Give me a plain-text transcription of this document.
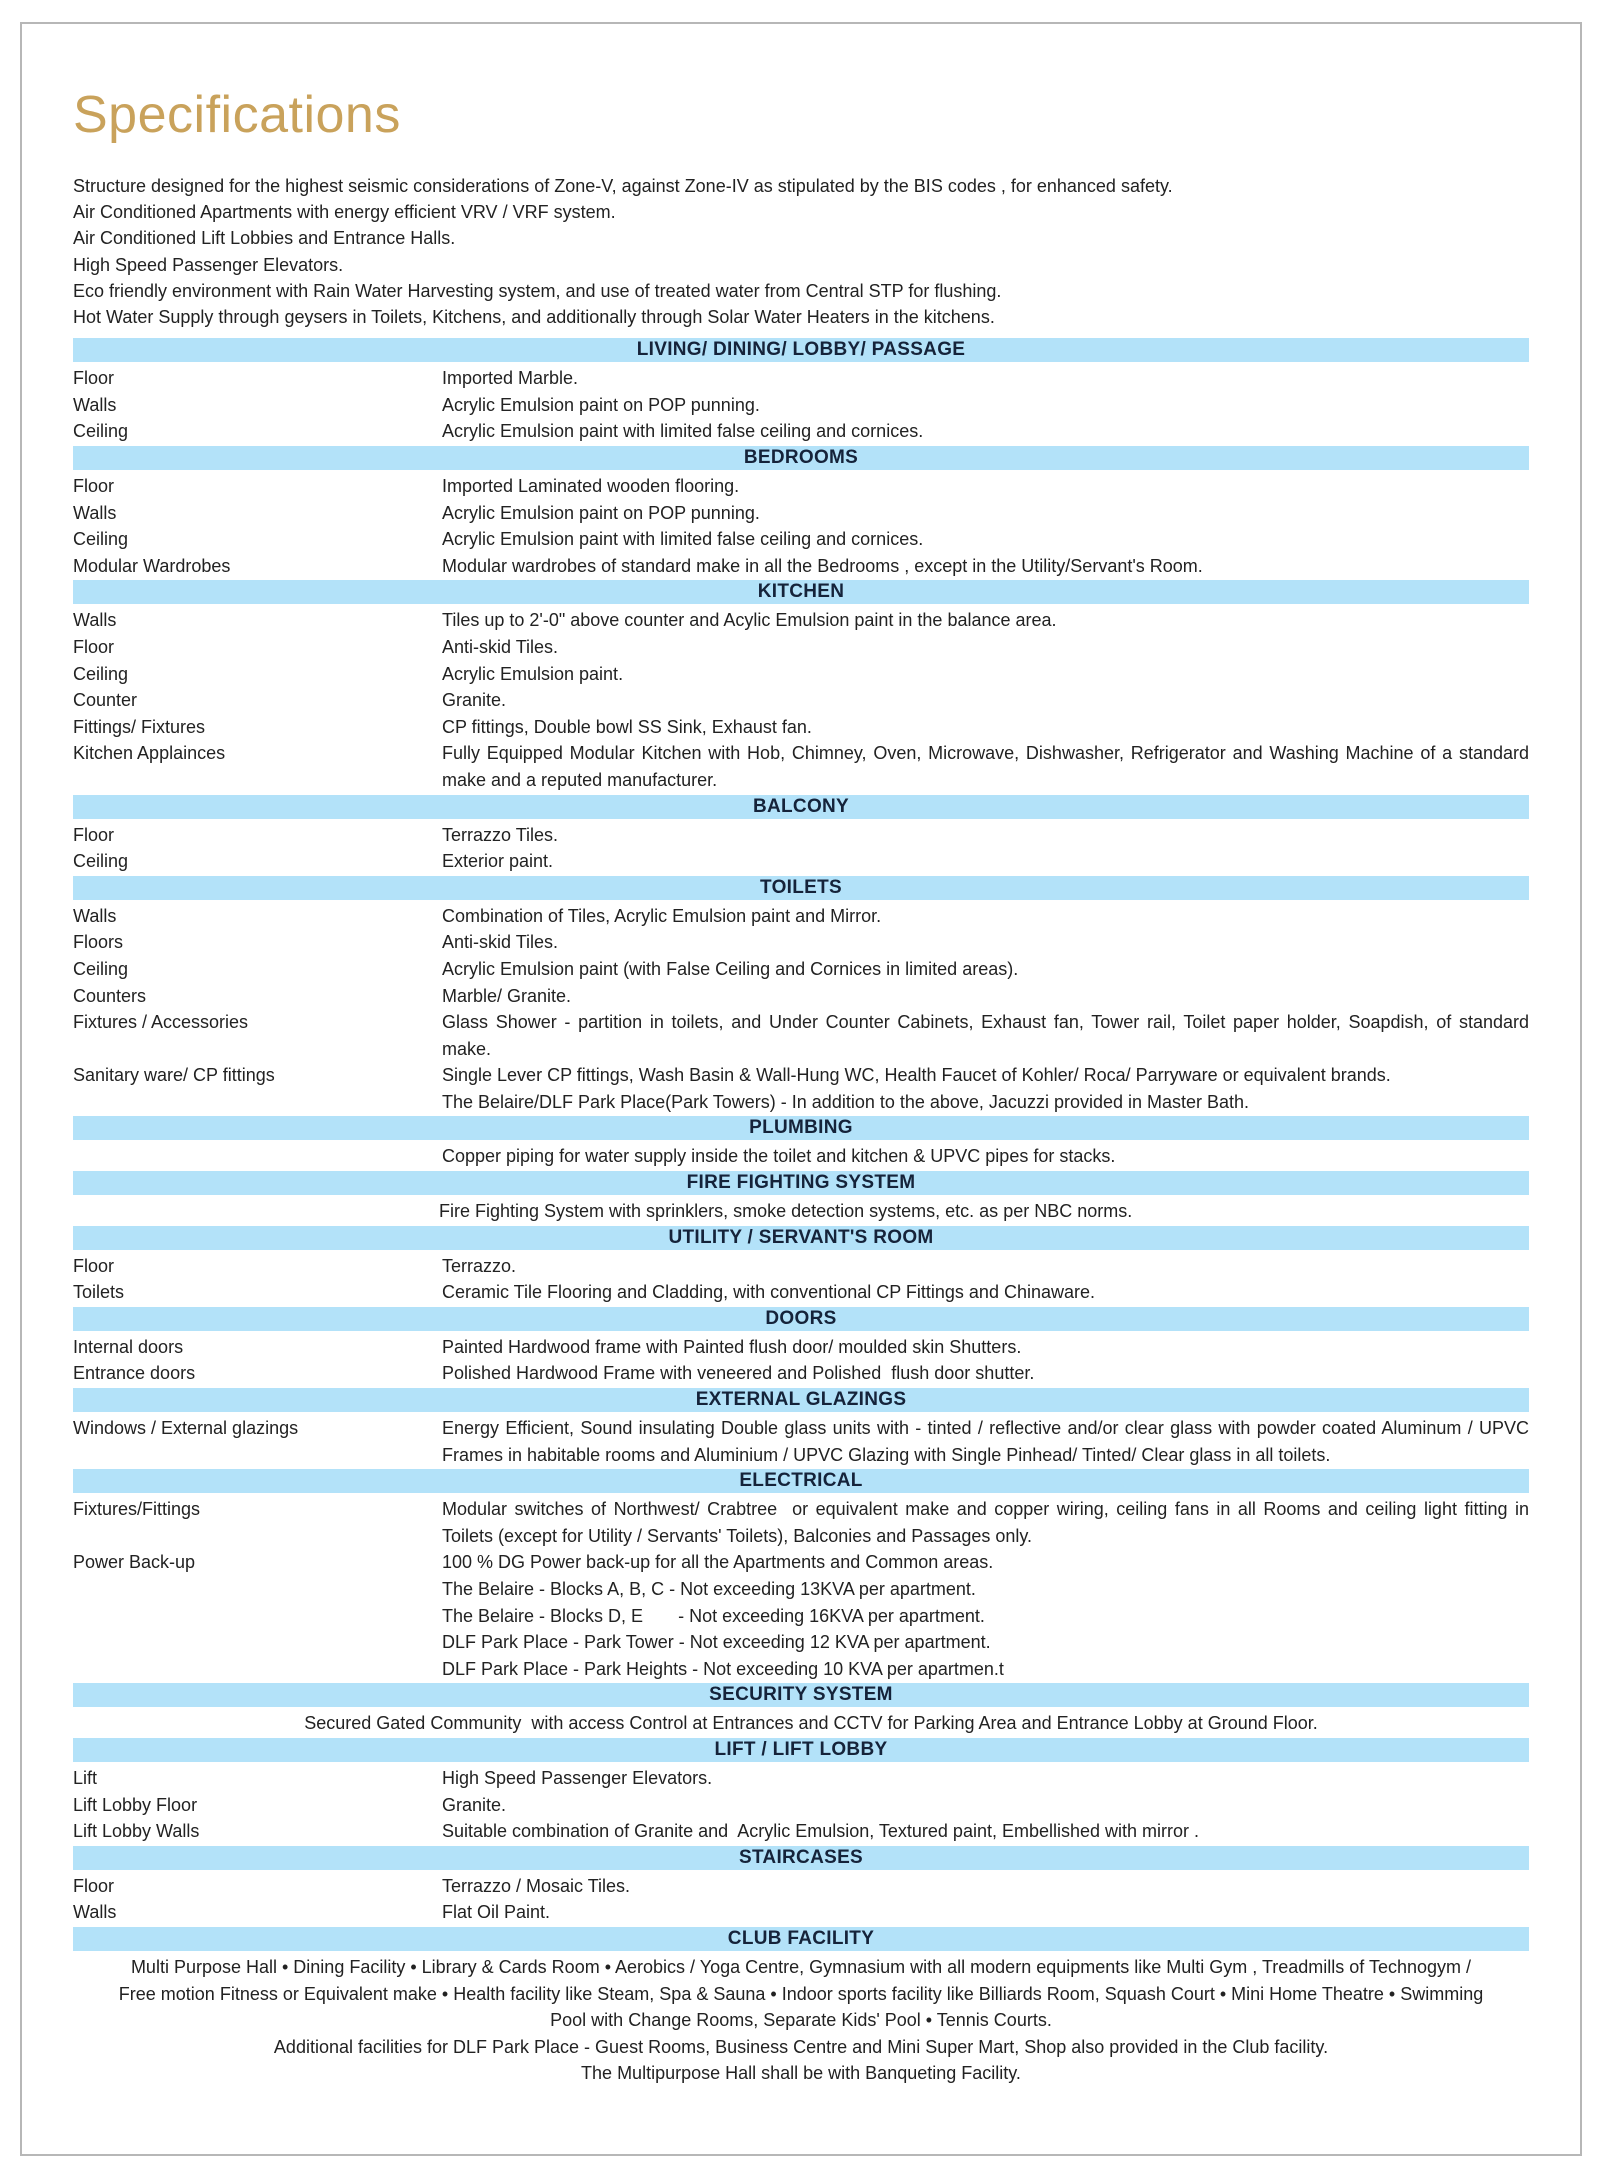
Specifications
Structure designed for the highest seismic considerations of Zone-V, against Zone-IV as stipulated by the BIS codes , for enhanced safety.
Air Conditioned Apartments with energy efficient VRV / VRF system.
Air Conditioned Lift Lobbies and Entrance Halls.
High Speed Passenger Elevators.
Eco friendly environment with Rain Water Harvesting system, and use of treated water from Central STP for flushing.
Hot Water Supply through geysers in Toilets, Kitchens, and additionally through Solar Water Heaters in the kitchens.
LIVING/ DINING/ LOBBY/ PASSAGE
Floor	Imported Marble.
Walls	Acrylic Emulsion paint on POP punning.
Ceiling	Acrylic Emulsion paint with limited false ceiling and cornices.
BEDROOMS
Floor	Imported Laminated wooden flooring.
Walls	Acrylic Emulsion paint on POP punning.
Ceiling	Acrylic Emulsion paint with limited false ceiling and cornices.
Modular Wardrobes	Modular wardrobes of standard make in all the Bedrooms , except in the Utility/Servant's Room.
KITCHEN
Walls	Tiles up to 2'-0" above counter and Acylic Emulsion paint in the balance area.
Floor	Anti-skid Tiles.
Ceiling	Acrylic Emulsion paint.
Counter	Granite.
Fittings/ Fixtures	CP fittings, Double bowl SS Sink, Exhaust fan.
Kitchen Applainces	Fully Equipped Modular Kitchen with Hob, Chimney, Oven, Microwave, Dishwasher, Refrigerator and Washing Machine of a standard make and a reputed manufacturer.
BALCONY
Floor	Terrazzo Tiles.
Ceiling	Exterior paint.
TOILETS
Walls	Combination of Tiles, Acrylic Emulsion paint and Mirror.
Floors	Anti-skid Tiles.
Ceiling	Acrylic Emulsion paint (with False Ceiling and Cornices in limited areas).
Counters	Marble/ Granite.
Fixtures / Accessories	Glass Shower - partition in toilets, and Under Counter Cabinets, Exhaust fan, Tower rail, Toilet paper holder, Soapdish, of standard make.
Sanitary ware/ CP fittings	Single Lever CP fittings, Wash Basin & Wall-Hung WC, Health Faucet of Kohler/ Roca/ Parryware or equivalent brands.
The Belaire/DLF Park Place(Park Towers) - In addition to the above, Jacuzzi provided in Master Bath.
PLUMBING
Copper piping for water supply inside the toilet and kitchen & UPVC pipes for stacks.
FIRE FIGHTING SYSTEM
Fire Fighting System with sprinklers, smoke detection systems, etc. as per NBC norms.
UTILITY / SERVANT'S ROOM
Floor	Terrazzo.
Toilets	Ceramic Tile Flooring and Cladding, with conventional CP Fittings and Chinaware.
DOORS
Internal doors	Painted Hardwood frame with Painted flush door/ moulded skin Shutters.
Entrance doors	Polished Hardwood Frame with veneered and Polished  flush door shutter.
EXTERNAL GLAZINGS
Windows / External glazings	Energy Efficient, Sound insulating Double glass units with - tinted / reflective and/or clear glass with powder coated Aluminum / UPVC Frames in habitable rooms and Aluminium / UPVC Glazing with Single Pinhead/ Tinted/ Clear glass in all toilets.
ELECTRICAL
Fixtures/Fittings	Modular switches of Northwest/ Crabtree  or equivalent make and copper wiring, ceiling fans in all Rooms and ceiling light fitting in Toilets (except for Utility / Servants' Toilets), Balconies and Passages only.
Power Back-up	100 % DG Power back-up for all the Apartments and Common areas.
The Belaire - Blocks A, B, C - Not exceeding 13KVA per apartment.
The Belaire - Blocks D, E       - Not exceeding 16KVA per apartment.
DLF Park Place - Park Tower - Not exceeding 12 KVA per apartment.
DLF Park Place - Park Heights - Not exceeding 10 KVA per apartmen.t
SECURITY SYSTEM
Secured Gated Community  with access Control at Entrances and CCTV for Parking Area and Entrance Lobby at Ground Floor.
LIFT / LIFT LOBBY
Lift	High Speed Passenger Elevators.
Lift Lobby Floor	Granite.
Lift Lobby Walls	Suitable combination of Granite and  Acrylic Emulsion, Textured paint, Embellished with mirror .
STAIRCASES
Floor	Terrazzo / Mosaic Tiles.
Walls	Flat Oil Paint.
CLUB FACILITY
Multi Purpose Hall • Dining Facility • Library & Cards Room • Aerobics / Yoga Centre, Gymnasium with all modern equipments like Multi Gym , Treadmills of Technogym /
Free motion Fitness or Equivalent make • Health facility like Steam, Spa & Sauna • Indoor sports facility like Billiards Room, Squash Court • Mini Home Theatre • Swimming
Pool with Change Rooms, Separate Kids' Pool • Tennis Courts.
Additional facilities for DLF Park Place - Guest Rooms, Business Centre and Mini Super Mart, Shop also provided in the Club facility.
The Multipurpose Hall shall be with Banqueting Facility.
